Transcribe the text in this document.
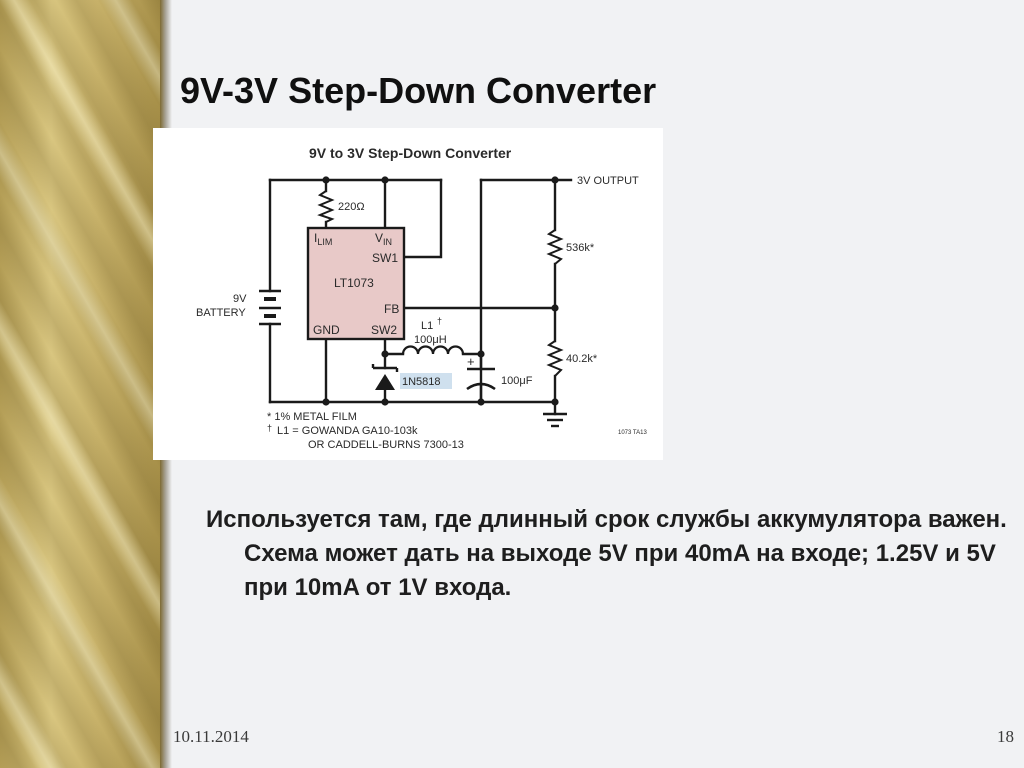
9V-3V Step-Down Converter
9V to 3V Step-Down Converter
3V OUTPUT
220Ω
$I_{LIM}$	$V_{IN}$
SW1
LT1073
FB
GND	SW2
9V
BATTERY
L1 †
100μH
1N5818
+
100μF
536k*
40.2k*
* 1% METAL FILM
† L1 = GOWANDA GA10-103k
OR CADDELL-BURNS 7300-13
1073 TA13

Используется там, где длинный срок службы аккумулятора важен. Схема может дать на выходе 5V при 40mA на входе; 1.25V и 5V при 10mA от 1V входа.

10.11.2014	18
